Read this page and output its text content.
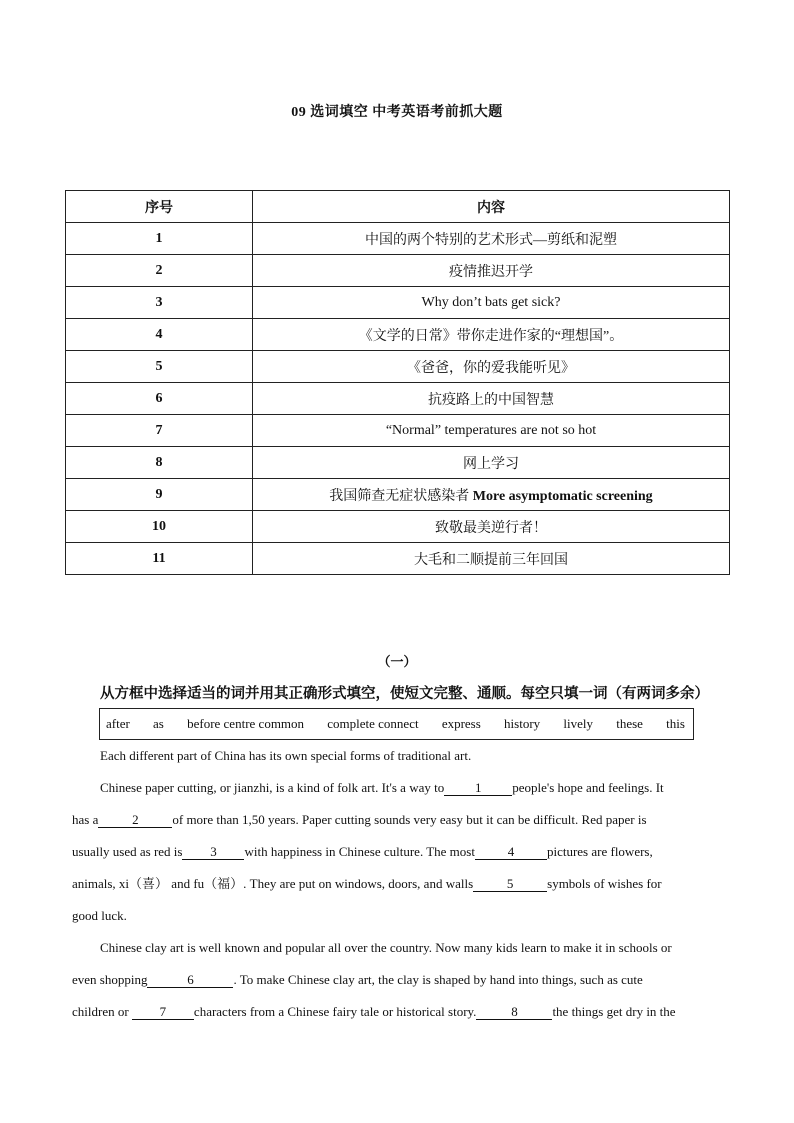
09 选词填空 中考英语考前抓大题
序号	内容
1	中国的两个特别的艺术形式—剪纸和泥塑
2	疫情推迟开学
3	Why don’t bats get sick?
4	《文学的日常》带你走进作家的“理想国”。
5	《爸爸，你的爱我能听见》
6	抗疫路上的中国智慧
7	“Normal” temperatures are not so hot
8	网上学习
9	我国筛查无症状感染者 More asymptomatic screening
10	致敬最美逆行者！
11	大毛和二顺提前三年回国
（一）
从方框中选择适当的词并用其正确形式填空，使短文完整、通顺。每空只填一词（有两词多余）
after as before centre common complete connect express history lively these this

Each different part of China has its own special forms of traditional art.

Chinese paper cutting, or jianzhi, is a kind of folk art. It's a way to 1 people's hope and feelings. It
has a	2	of more than 1,50 years. Paper cutting sounds very easy but it can be difficult. Red paper is
usually used as red is 3 with happiness in Chinese culture. The most	4	pictures are flowers,
animals, xi（喜） and fu（福）. They are put on windows, doors, and walls	5	symbols of wishes for
good luck.

Chinese clay art is well known and popular all over the country. Now many kids learn to make it in schools or
even shopping	6	. To make Chinese clay art, the clay is shaped by hand into things, such as cute
children or 7 characters from a Chinese fairy tale or historical story.	8	the things get dry in the
